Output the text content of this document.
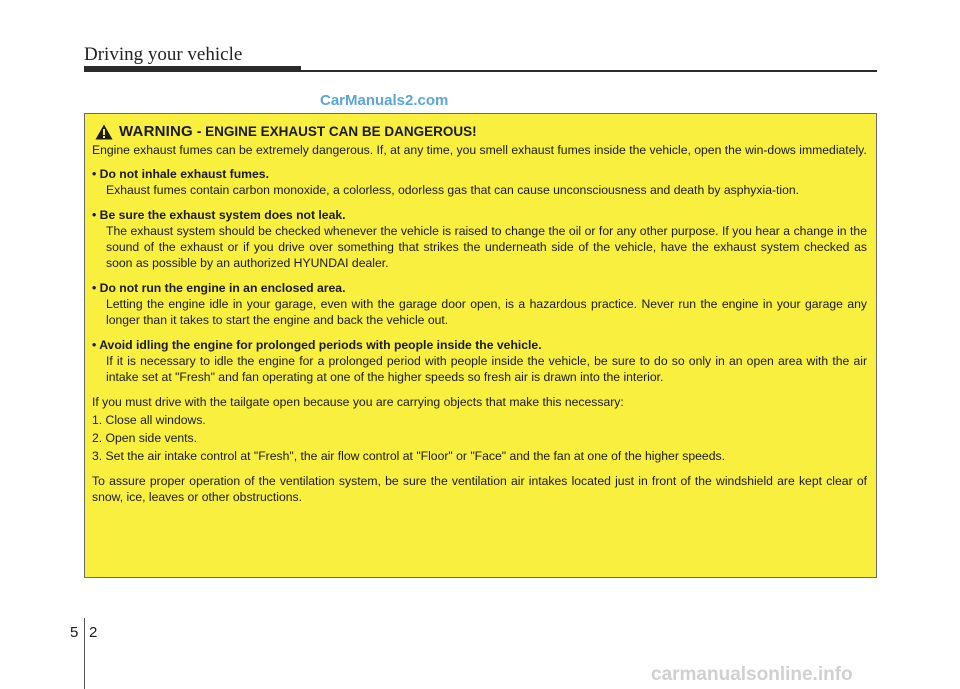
Driving your vehicle
CarManuals2.com
WARNING - ENGINE EXHAUST CAN BE DANGEROUS!
Engine exhaust fumes can be extremely dangerous. If, at any time, you smell exhaust fumes inside the vehicle, open the win-dows immediately.
• Do not inhale exhaust fumes.
Exhaust fumes contain carbon monoxide, a colorless, odorless gas that can cause unconsciousness and death by asphyxia-tion.
• Be sure the exhaust system does not leak.
The exhaust system should be checked whenever the vehicle is raised to change the oil or for any other purpose. If you hear a change in the sound of the exhaust or if you drive over something that strikes the underneath side of the vehicle, have the exhaust system checked as soon as possible by an authorized HYUNDAI dealer.
• Do not run the engine in an enclosed area.
Letting the engine idle in your garage, even with the garage door open, is a hazardous practice. Never run the engine in your garage any longer than it takes to start the engine and back the vehicle out.
• Avoid idling the engine for prolonged periods with people inside the vehicle.
If it is necessary to idle the engine for a prolonged period with people inside the vehicle, be sure to do so only in an open area with the air intake set at "Fresh" and fan operating at one of the higher speeds so fresh air is drawn into the interior.
If you must drive with the tailgate open because you are carrying objects that make this necessary:
1. Close all windows.
2. Open side vents.
3. Set the air intake control at "Fresh", the air flow control at "Floor" or "Face" and the fan at one of the higher speeds.
To assure proper operation of the ventilation system, be sure the ventilation air intakes located just in front of the windshield are kept clear of snow, ice, leaves or other obstructions.
5 2
carmanualsonline.info
